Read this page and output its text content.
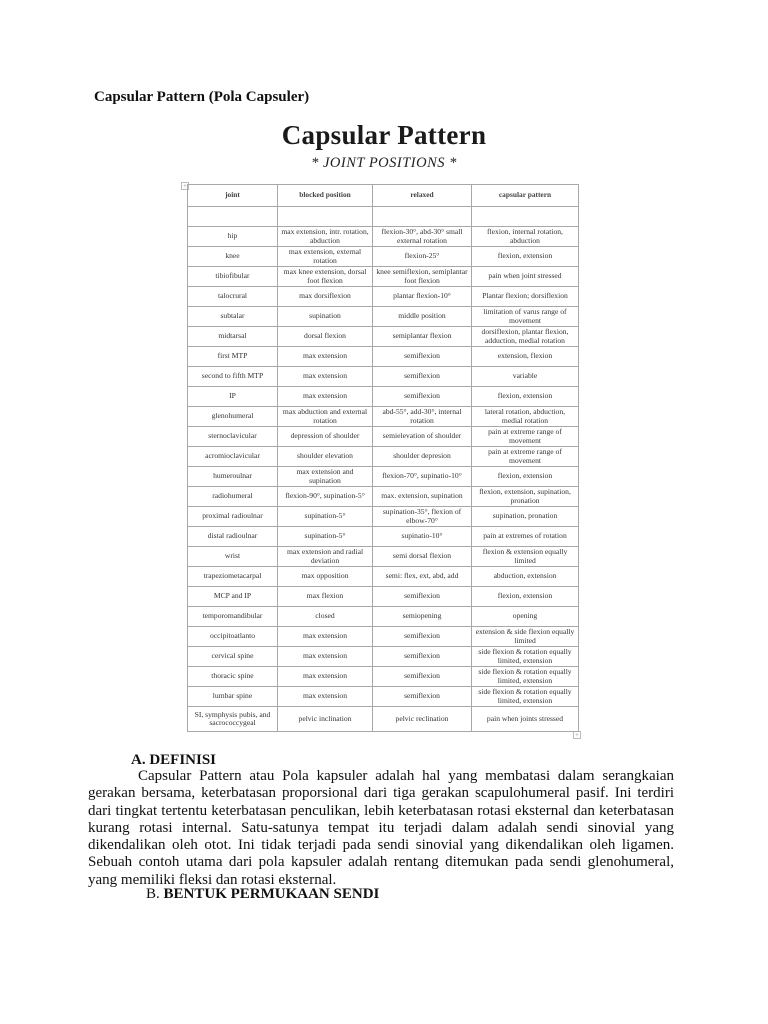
Capsular Pattern (Pola Capsuler)
Capsular Pattern
* JOINT POSITIONS *
+
+
joint	blocked position	relaxed	capsular pattern

hip	max extension, intr. rotation, abduction	flexion-30°, abd-30° small external rotation	flexion, internal rotation, abduction
knee	max extension, external rotation	flexion-25°	flexion, extension
tibiofibular	max knee extension, dorsal foot flexion	knee semiflexion, semiplantar foot flexion	pain when joint stressed
talocrural	max dorsiflexion	plantar flexion-10°	Plantar flexion; dorsiflexion
subtalar	supination	middle position	limitation of varus range of movement
midtarsal	dorsal flexion	semiplantar flexion	dorsiflexion, plantar flexion, adduction, medial rotation
first MTP	max extension	semiflexion	extension, flexion
second to fifth MTP	max extension	semiflexion	variable
IP	max extension	semiflexion	flexion, extension
glenohumeral	max abduction and external rotation	abd-55°, add-30°, internal rotation	lateral rotation, abduction, medial rotation
sternoclavicular	depression of shoulder	semielevation of shoulder	pain at extreme range of movement
acromioclavicular	shoulder elevation	shoulder depresion	pain at extreme range of movement
humeroulnar	max extension and supination	flexion-70°, supinatio-10°	flexion, extension
radiohumeral	flexion-90°, supination-5°	max. extension, supination	flexion, extension, supination, pronation
proximal radioulnar	supination-5°	supination-35°, flexion of elbow-70°	supination, pronation
distal radioulnar	supination-5°	supinatio-10°	pain at extremes of rotation
wrist	max extension and radial deviation	semi dorsal flexion	flexion & extension equally limited
trapeziometacarpal	max opposition	semi: flex, ext, abd, add	abduction, extension
MCP and IP	max flexion	semiflexion	flexion, extension
temporomandibular	closed	semiopening	opening
occipitoatlanto	max extension	semiflexion	extension & side flexion equally limited
cervical spine	max extension	semiflexion	side flexion & rotation equally limited, extension
thoracic spine	max extension	semiflexion	side flexion & rotation equally limited, extension
lumbar spine	max extension	semiflexion	side flexion & rotation equally limited, extension
SI, symphysis pubis, and sacrococcygeal	pelvic inclination	pelvic reclination	pain when joints stressed
A. DEFINISI
Capsular Pattern atau Pola kapsuler adalah hal yang membatasi dalam serangkaian gerakan bersama, keterbatasan proporsional dari tiga gerakan scapulohumeral pasif. Ini terdiri dari tingkat tertentu keterbatasan penculikan, lebih keterbatasan rotasi eksternal dan keterbatasan kurang rotasi internal. Satu-satunya tempat itu terjadi dalam adalah sendi sinovial yang dikendalikan oleh otot. Ini tidak terjadi pada sendi sinovial yang dikendalikan oleh ligamen. Sebuah contoh utama dari pola kapsuler adalah rentang ditemukan pada sendi glenohumeral, yang memiliki fleksi dan rotasi eksternal.
B. BENTUK PERMUKAAN SENDI
